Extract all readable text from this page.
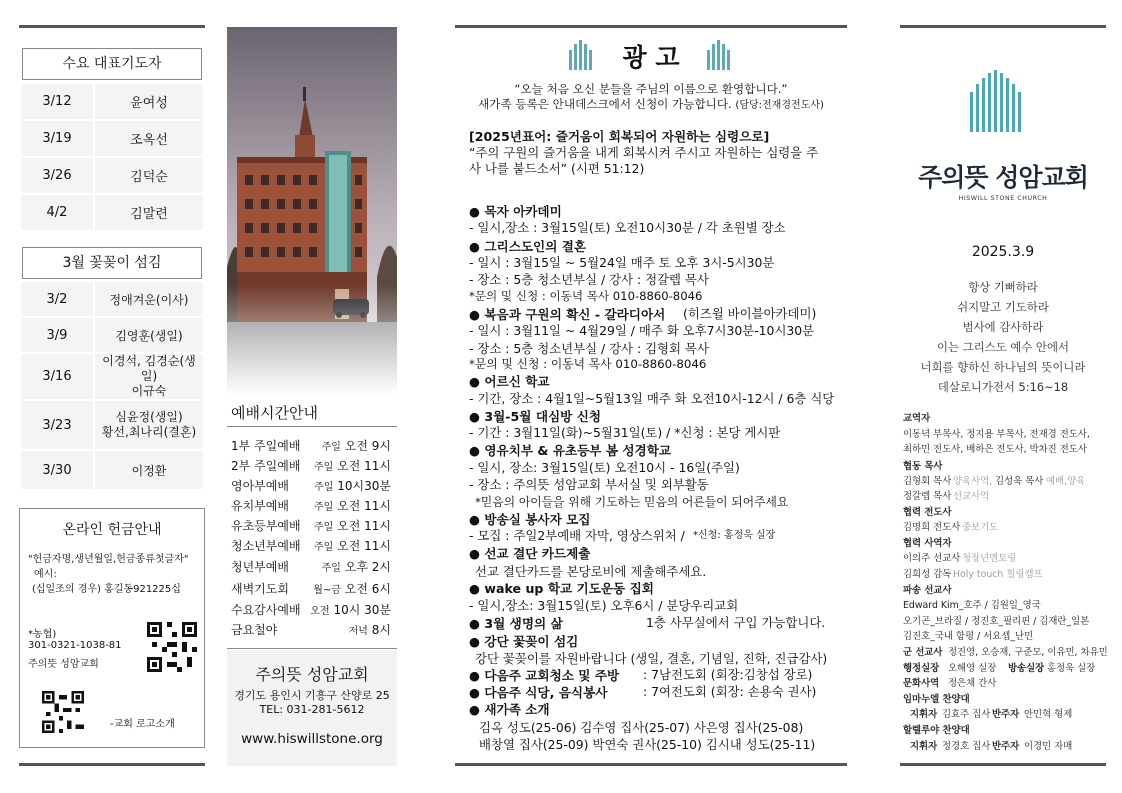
수요 대표기도자
3/12	윤여성
3/19	조옥선
3/26	김덕순
4/2	김말련
3월 꽃꽂이 섬김
3/2	정애겨운(이사)

3/9	김영훈(생일)

3/16	이경석, 김경순(생일)
이규숙

3/23	심윤정(생일)
황선,최나리(결혼)

3/30	이정환
온라인 헌금안내
"헌금자명,생년월일,헌금종류첫글자"
예시:
(십일조의 경우) 홍길동921225십
*농협)
301-0321-1038-81
주의뜻 성암교회
-교회 로고소개
예배시간안내
1부 주일예배 주일 오전 9시
2부 주일예배 주일 오전 11시
영아부예배	주일 10시30분
유치부예배	주일 오전 11시
유초등부예배 주일 오전 11시
청소년부예배 주일 오전 11시
청년부예배	주일 오후 2시
새벽기도회 월~금 오전 6시
수요감사예배 오전 10시 30분
금요철야	저녁 8시
주의뜻 성암교회
경기도 용인시 기흥구 산양로 25
TEL: 031-281-5612
www.hiswillstone.org
광 고
“오늘 처음 오신 분들을 주님의 이름으로 환영합니다.”
새가족 등록은 안내데스크에서 신청이 가능합니다. (담당:전재경전도사)
[2025년표어: 즐거움이 회복되어 자원하는 심령으로]
“주의 구원의 즐거움을 내게 회복시켜 주시고 자원하는 심령을 주
사 나를 붙드소서” (시편 51:12)
● 목자 아카데미
- 일시,장소 : 3월15일(토) 오전10시30분 / 각 초원별 장소
● 그리스도인의 결혼
- 일시 : 3월15일 ~ 5월24일 매주 토 오후 3시-5시30분
- 장소 : 5층 청소년부실 / 강사 : 정갈렙 목사
*문의 및 신청 : 이동녁 목사 010-8860-8046
● 복음과 구원의 확신 - 갈라디아서 (히즈윌 바이블아카데미)
- 일시 : 3월11일 ~ 4월29일 / 매주 화 오후7시30분-10시30분
- 장소 : 5층 청소년부실 / 강사 : 김형회 목사
*문의 및 신청 : 이동녁 목사 010-8860-8046
● 어르신 학교
- 기간, 장소 : 4월1일~5월13일 매주 화 오전10시-12시 / 6층 식당
● 3월-5월 대심방 신청
- 기간 : 3월11일(화)~5월31일(토) / *신청 : 본당 게시판
● 영유치부 & 유초등부 봄 성경학교
- 일시, 장소: 3월15일(토) 오전10시 - 16일(주일)
- 장소 : 주의뜻 성암교회 부서실 및 외부활동
*믿음의 아이들을 위해 기도하는 믿음의 어른들이 되어주세요
● 방송실 봉사자 모집
- 모집 : 주일2부예배 자막, 영상스위처 / *신청: 홍정욱 실장
● 선교 결단 카드제출
선교 결단카드를 본당로비에 제출해주세요.
● wake up 학교 기도운동 집회
- 일시,장소: 3월15일(토) 오후6시 / 분당우리교회
● 3월 생명의 삶	1층 사무실에서 구입 가능합니다.
● 강단 꽃꽂이 섬김
강단 꽃꽂이를 자원바랍니다 (생일, 결혼, 기념일, 진학, 진급감사)
● 다음주 교회청소 및 주방 : 7남전도회 (회장:김창섭 장로)
● 다음주 식당, 음식봉사	: 7여전도회 (회장: 손용숙 권사)
● 새가족 소개
김옥 성도(25-06) 김수영 집사(25-07) 사은영 집사(25-08)
배창열 집사(25-09) 박연숙 권사(25-10) 김시내 성도(25-11)
주의뜻 성암교회
HISWILL STONE CHURCH
2025.3.9
항상 기뻐하라
쉬지말고 기도하라
범사에 감사하라
이는 그리스도 예수 안에서
너희를 향하신 하나님의 뜻이니라
데살로니가전서 5:16~18
교역자
이동녁 부목사, 정지용 부목사, 전재경 전도사,
최하민 전도사, 배하은 전도사, 박차진 전도사
협동 목사
김형회 목사 양육사역, 김성욱 목사 예배,양육
정갈렙 목사 선교사역
협력 전도사
김명희 전도사 중보기도
협력 사역자
이의주 선교사 청장년멘토링
김희성 감독 Holy touch 힐링캠프
파송 선교사
Edward Kim_호주 / 김원일_영국
오기곤_브라질 / 정진호_필리핀 / 김재란_일본
김진호_국내 함평 / 서요셉_난민
군 선교사 정진영, 오승재, 구준모, 이유민, 차유민
행정실장 오해영 실장 방송실장 홍정욱 실장
문화사역 정은채 간사
임마누엘 찬양대
지휘자 김효주 집사 반주자 안민혁 형제
할렐루야 찬양대
지휘자 정경호 집사 반주자 이경민 자매
